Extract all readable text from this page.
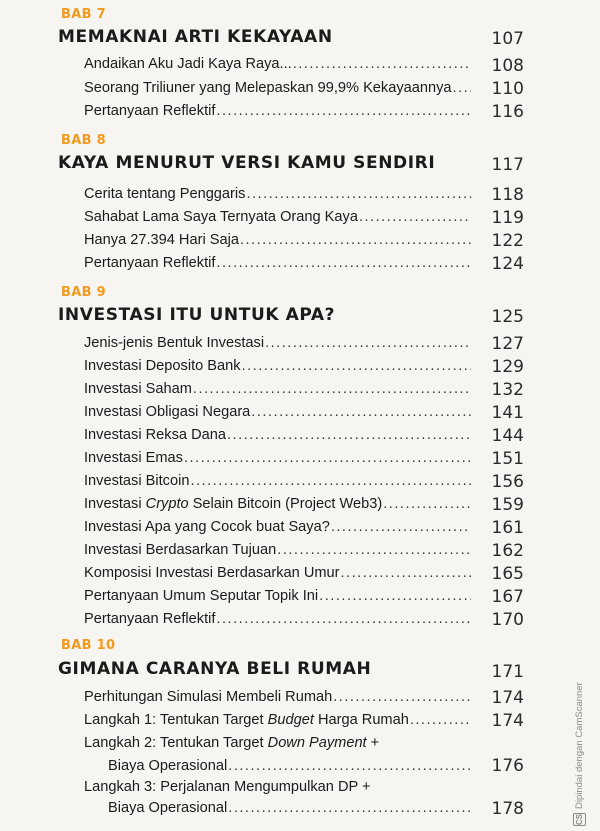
BAB 7
MEMAKNAI ARTI KEKAYAAN	107
Andaikan Aku Jadi Kaya Raya... .....	108
Seorang Triliuner yang Melepaskan 99,9% Kekayaannya .....	110
Pertanyaan Reflektif .....	116
BAB 8
KAYA MENURUT VERSI KAMU SENDIRI	117
Cerita tentang Penggaris .....	118
Sahabat Lama Saya Ternyata Orang Kaya .....	119
Hanya 27.394 Hari Saja .....	122
Pertanyaan Reflektif .....	124
BAB 9
INVESTASI ITU UNTUK APA?	125
Jenis-jenis Bentuk Investasi .....	127
Investasi Deposito Bank .....	129
Investasi Saham .....	132
Investasi Obligasi Negara .....	141
Investasi Reksa Dana .....	144
Investasi Emas .....	151
Investasi Bitcoin .....	156
Investasi Crypto Selain Bitcoin (Project Web3) .....	159
Investasi Apa yang Cocok buat Saya? .....	161
Investasi Berdasarkan Tujuan .....	162
Komposisi Investasi Berdasarkan Umur .....	165
Pertanyaan Umum Seputar Topik Ini .....	167
Pertanyaan Reflektif .....	170
BAB 10
GIMANA CARANYA BELI RUMAH	171
Perhitungan Simulasi Membeli Rumah .....	174
Langkah 1: Tentukan Target Budget Harga Rumah .....	174
Langkah 2: Tentukan Target Down Payment +
Biaya Operasional .....	176
Langkah 3: Perjalanan Mengumpulkan DP +
Biaya Operasional .....	178
CS
Dipindai dengan CamScanner
